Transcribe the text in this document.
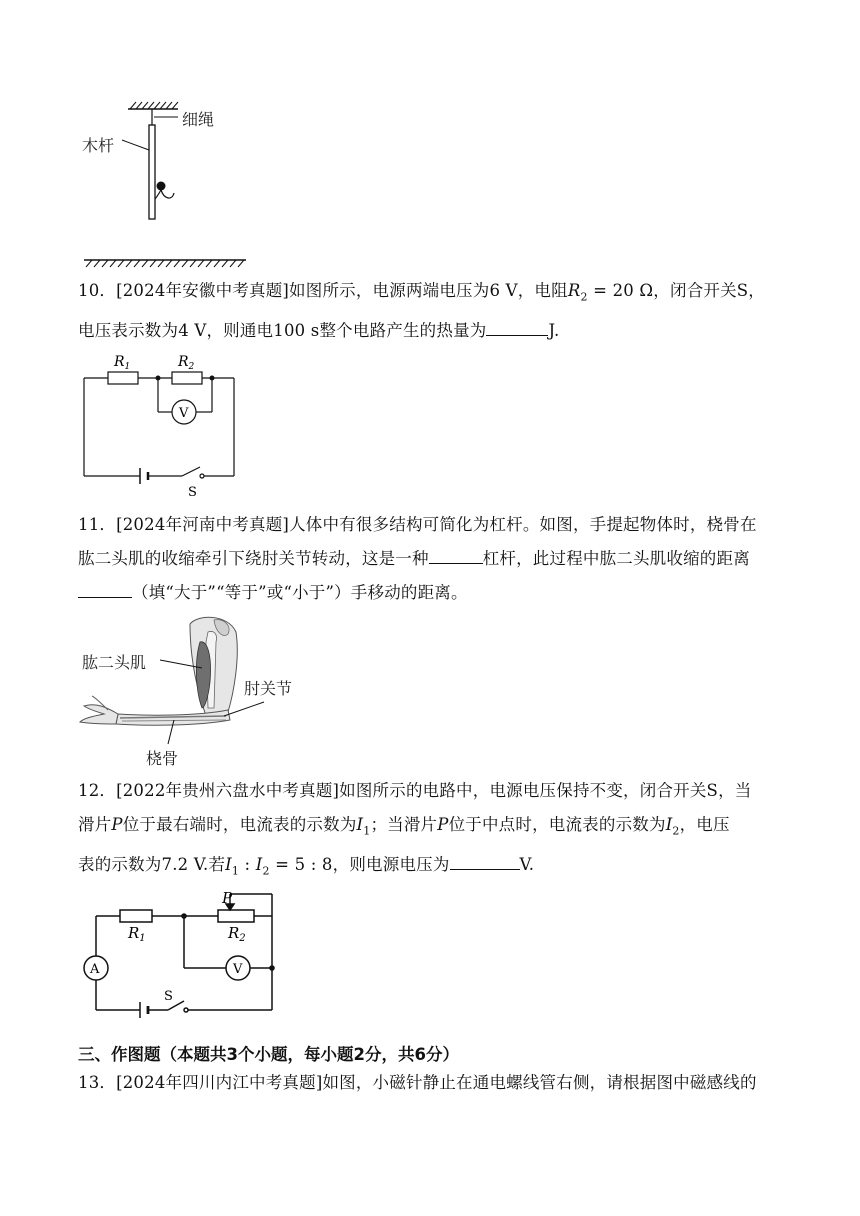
细绳
木杆
10．[2024年安徽中考真题]如图所示，电源两端电压为6 V，电阻$R_2 = 20$ Ω，闭合开关S，
电压表示数为4 V，则通电100 s整个电路产生的热量为	J.
$R_1$	$R_2$
V
S
11．[2024年河南中考真题]人体中有很多结构可简化为杠杆。如图，手提起物体时，桡骨在
肱二头肌的收缩牵引下绕肘关节转动，这是一种	杠杆，此过程中肱二头肌收缩的距离
（填“大于”“等于”或“小于”）手移动的距离。
肱二头肌
肘关节
桡骨
12．[2022年贵州六盘水中考真题]如图所示的电路中，电源电压保持不变，闭合开关S，当
滑片P位于最右端时，电流表的示数为$I_1$；当滑片P位于中点时，电流表的示数为$I_2$，电压
表的示数为7.2 V.若$I_1$ : $I_2 = 5$ : 8，则电源电压为	V.
P
$R_1$	$R_2$
A	V
S
三、作图题（本题共3个小题，每小题2分，共6分）
13．[2024年四川内江中考真题]如图，小磁针静止在通电螺线管右侧，请根据图中磁感线的
